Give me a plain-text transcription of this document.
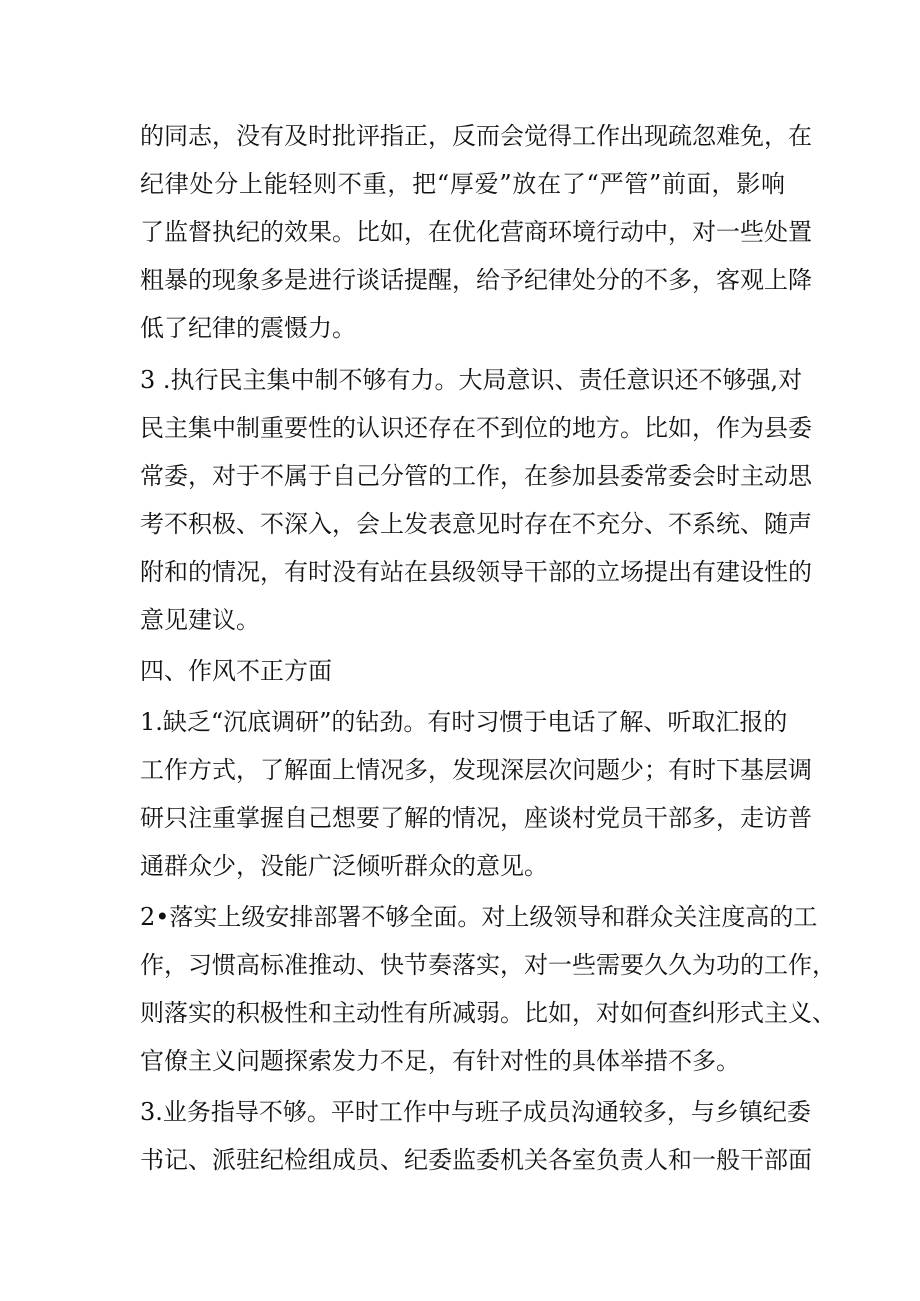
的同志，没有及时批评指正，反而会觉得工作出现疏忽难免，在
纪律处分上能轻则不重，把“厚爱”放在了“严管”前面，影响
了监督执纪的效果。比如，在优化营商环境行动中，对一些处置
粗暴的现象多是进行谈话提醒，给予纪律处分的不多，客观上降
低了纪律的震慑力。
3 .执行民主集中制不够有力。大局意识、责任意识还不够强,对
民主集中制重要性的认识还存在不到位的地方。比如，作为县委
常委，对于不属于自己分管的工作，在参加县委常委会时主动思
考不积极、不深入，会上发表意见时存在不充分、不系统、随声
附和的情况，有时没有站在县级领导干部的立场提出有建设性的
意见建议。
四、作风不正方面
1.缺乏“沉底调研”的钻劲。有时习惯于电话了解、听取汇报的
工作方式，了解面上情况多，发现深层次问题少；有时下基层调
研只注重掌握自己想要了解的情况，座谈村党员干部多，走访普
通群众少，没能广泛倾听群众的意见。
2•落实上级安排部署不够全面。对上级领导和群众关注度高的工
作，习惯高标准推动、快节奏落实，对一些需要久久为功的工作，
则落实的积极性和主动性有所减弱。比如，对如何查纠形式主义、
官僚主义问题探索发力不足，有针对性的具体举措不多。
3.业务指导不够。平时工作中与班子成员沟通较多，与乡镇纪委
书记、派驻纪检组成员、纪委监委机关各室负责人和一般干部面
